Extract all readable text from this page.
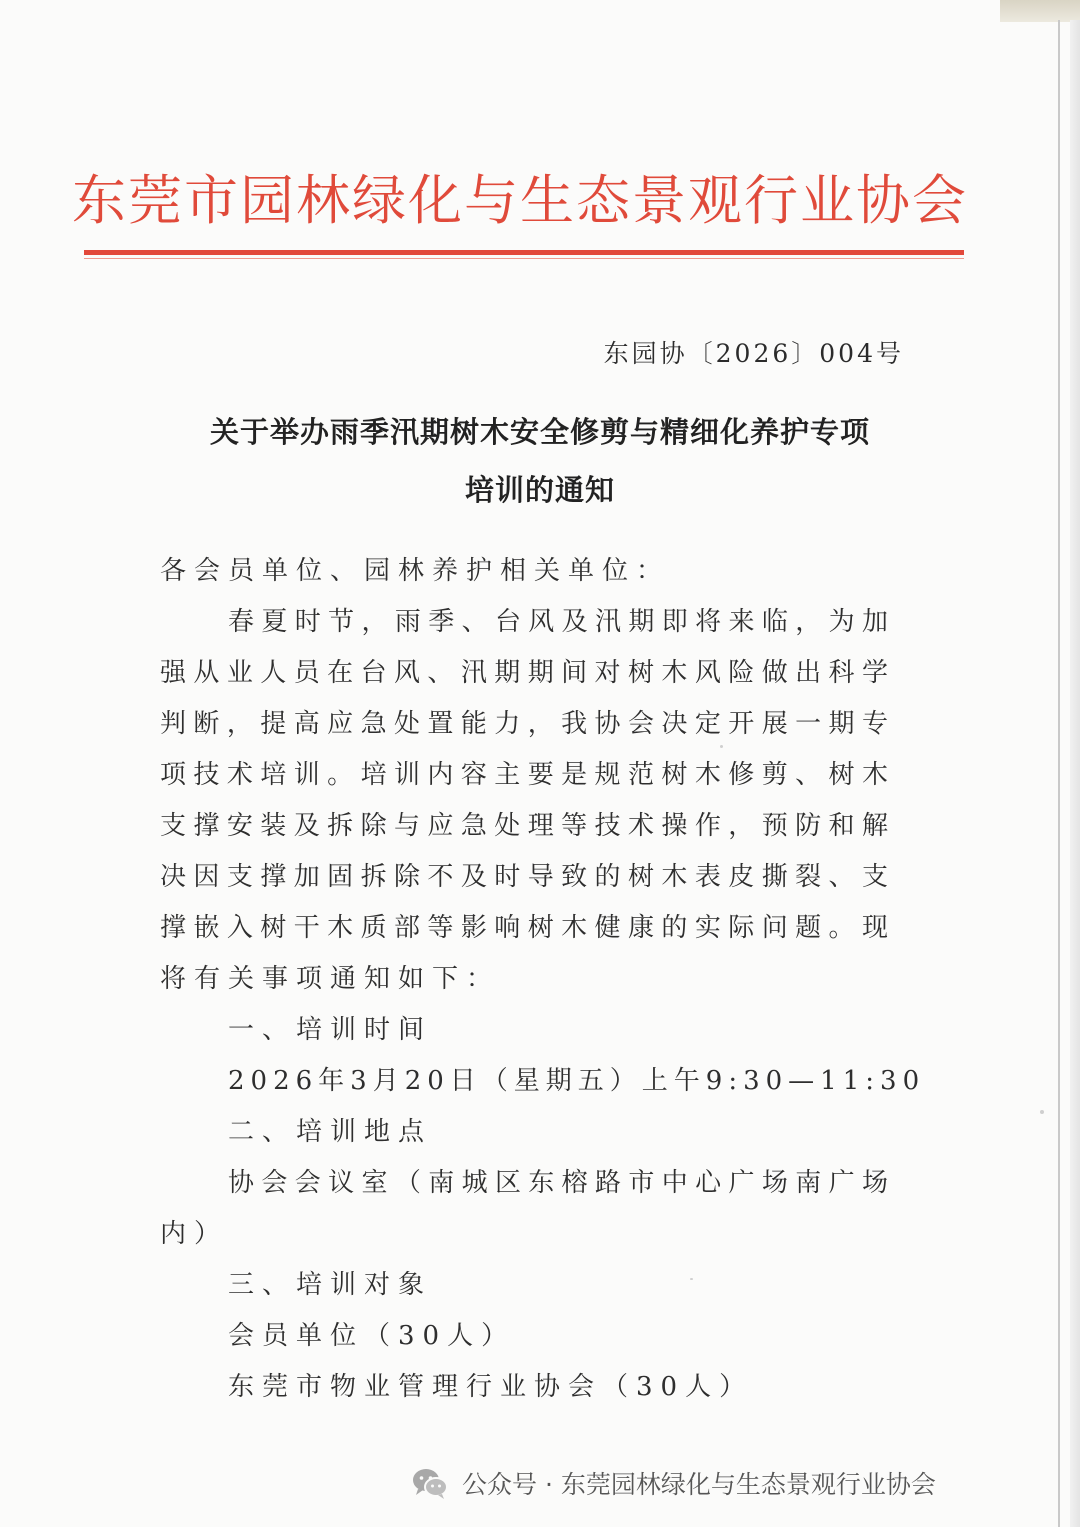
东莞市园林绿化与生态景观行业协会
东园协〔2026〕004号
关于举办雨季汛期树木安全修剪与精细化养护专项
培训的通知
各会员单位、园林养护相关单位：
春夏时节，雨季、台风及汛期即将来临，为加
强从业人员在台风、汛期期间对树木风险做出科学
判断，提高应急处置能力，我协会决定开展一期专
项技术培训。培训内容主要是规范树木修剪、树木
支撑安装及拆除与应急处理等技术操作，预防和解
决因支撑加固拆除不及时导致的树木表皮撕裂、支
撑嵌入树干木质部等影响树木健康的实际问题。现
将有关事项通知如下：
一、培训时间
2026年3月20日（星期五）上午9:30—11:30
二、培训地点
协会会议室（南城区东榕路市中心广场南广场
内）
三、培训对象
会员单位（30人）
东莞市物业管理行业协会（30人）
公众号 · 东莞园林绿化与生态景观行业协会
